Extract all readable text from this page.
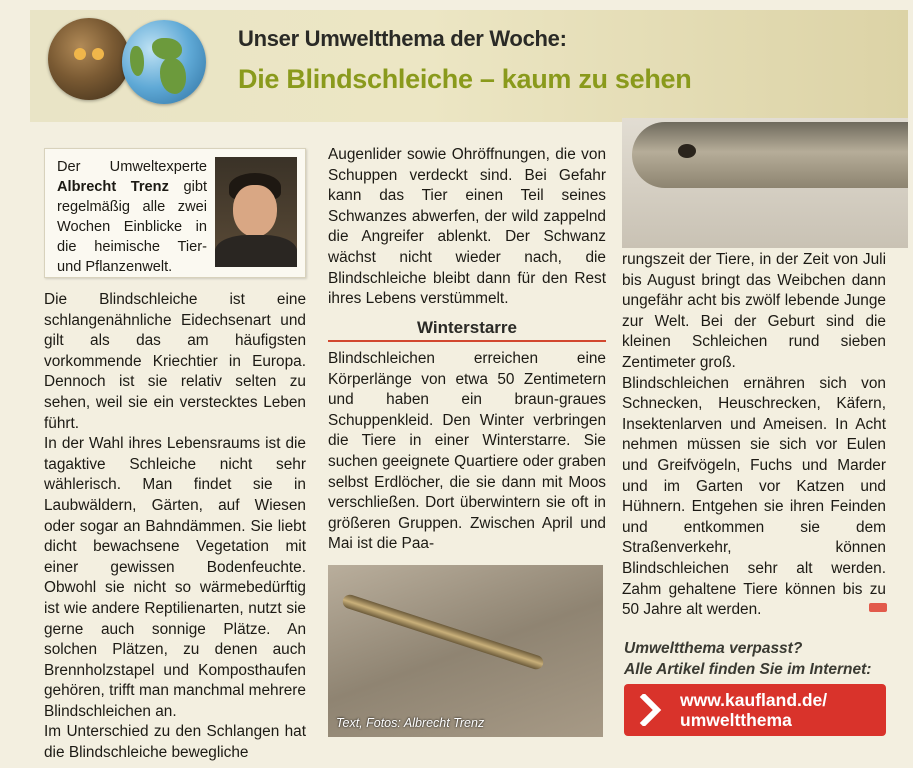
Unser Umweltthema der Woche:
Die Blindschleiche – kaum zu sehen
Der Umweltexperte Albrecht Trenz gibt regelmäßig alle zwei Wochen Einblicke in die heimische Tier- und Pflanzenwelt.

Die Blindschleiche ist eine schlangenähnliche Eidechsenart und gilt als das am häufigsten vorkommende Kriechtier in Europa. Dennoch ist sie relativ selten zu sehen, weil sie ein verstecktes Leben führt.

In der Wahl ihres Lebensraums ist die tagaktive Schleiche nicht sehr wählerisch. Man findet sie in Laubwäldern, Gärten, auf Wiesen oder sogar an Bahndämmen. Sie liebt dicht bewachsene Vegetation mit einer gewissen Bodenfeuchte. Obwohl sie nicht so wärmebedürftig ist wie andere Reptilienarten, nutzt sie gerne auch sonnige Plätze. An solchen Plätzen, zu denen auch Brennholzstapel und Komposthaufen gehören, trifft man manchmal mehrere Blindschleichen an.

Im Unterschied zu den Schlangen hat die Blindschleiche bewegliche

Augenlider sowie Ohröffnungen, die von Schuppen verdeckt sind. Bei Gefahr kann das Tier einen Teil seines Schwanzes abwerfen, der wild zappelnd die Angreifer ablenkt. Der Schwanz wächst nicht wieder nach, die Blindschleiche bleibt dann für den Rest ihres Lebens verstümmelt.

Winterstarre

Blindschleichen erreichen eine Körperlänge von etwa 50 Zentimetern und haben ein braun-graues Schuppenkleid. Den Winter verbringen die Tiere in einer Winterstarre. Sie suchen geeignete Quartiere oder graben selbst Erdlöcher, die sie dann mit Moos verschließen. Dort überwintern sie oft in größeren Gruppen. Zwischen April und Mai ist die Paa-

Text, Fotos: Albrecht Trenz

rungszeit der Tiere, in der Zeit von Juli bis August bringt das Weibchen dann ungefähr acht bis zwölf lebende Junge zur Welt. Bei der Geburt sind die kleinen Schleichen rund sieben Zentimeter groß.

Blindschleichen ernähren sich von Schnecken, Heuschrecken, Käfern, Insektenlarven und Ameisen. In Acht nehmen müssen sie sich vor Eulen und Greifvögeln, Fuchs und Marder und im Garten vor Katzen und Hühnern. Entgehen sie ihren Feinden und entkommen sie dem Straßenverkehr, können Blindschleichen sehr alt werden. Zahm gehaltene Tiere können bis zu 50 Jahre alt werden.

Umweltthema verpasst?
Alle Artikel finden Sie im Internet:
www.kaufland.de/
umweltthema
